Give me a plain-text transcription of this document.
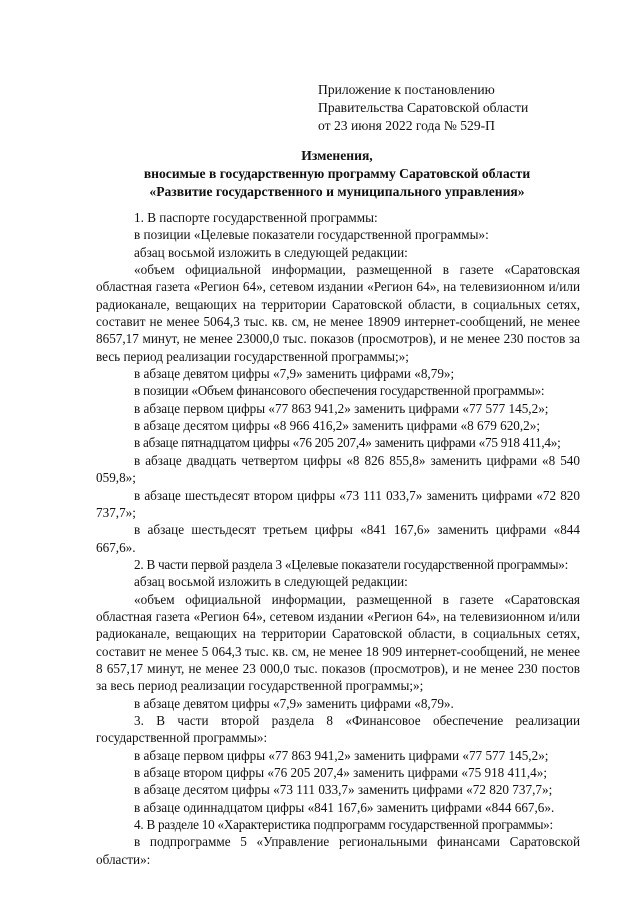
Приложение к постановлению
Правительства Саратовской области
от 23 июня 2022 года № 529-П
Изменения,
вносимые в государственную программу Саратовской области
«Развитие государственного и муниципального управления»

1. В паспорте государственной программы:

в позиции «Целевые показатели государственной программы»:

абзац восьмой изложить в следующей редакции:

«объем официальной информации, размещенной в газете «Саратовская областная газета «Регион 64», сетевом издании «Регион 64», на телевизионном и/или радиоканале, вещающих на территории Саратовской области, в социальных сетях, составит не менее 5064,3 тыс. кв. см, не менее 18909 интернет-сообщений, не менее 8657,17 минут, не менее 23000,0 тыс. показов (просмотров), и не менее 230 постов за весь период реализации государственной программы;»;

в абзаце девятом цифры «7,9» заменить цифрами «8,79»;

в позиции «Объем финансового обеспечения государственной программы»:

в абзаце первом цифры «77 863 941,2» заменить цифрами «77 577 145,2»;

в абзаце десятом цифры «8 966 416,2» заменить цифрами «8 679 620,2»;

в абзаце пятнадцатом цифры «76 205 207,4» заменить цифрами «75 918 411,4»;

в абзаце двадцать четвертом цифры «8 826 855,8» заменить цифрами «8 540 059,8»;

в абзаце шестьдесят втором цифры «73 111 033,7» заменить цифрами «72 820 737,7»;

в абзаце шестьдесят третьем цифры «841 167,6» заменить цифрами «844 667,6».

2. В части первой раздела 3 «Целевые показатели государственной программы»:

абзац восьмой изложить в следующей редакции:

«объем официальной информации, размещенной в газете «Саратовская областная газета «Регион 64», сетевом издании «Регион 64», на телевизионном и/или радиоканале, вещающих на территории Саратовской области, в социальных сетях, составит не менее 5 064,3 тыс. кв. см, не менее 18 909 интернет-сообщений, не менее 8 657,17 минут, не менее 23 000,0 тыс. показов (просмотров), и не менее 230 постов за весь период реализации государственной программы;»;

в абзаце девятом цифры «7,9» заменить цифрами «8,79».

3. В части второй раздела 8 «Финансовое обеспечение реализации государственной программы»:

в абзаце первом цифры «77 863 941,2» заменить цифрами «77 577 145,2»;

в абзаце втором цифры «76 205 207,4» заменить цифрами «75 918 411,4»;

в абзаце десятом цифры «73 111 033,7» заменить цифрами «72 820 737,7»;

в абзаце одиннадцатом цифры «841 167,6» заменить цифрами «844 667,6».

4. В разделе 10 «Характеристика подпрограмм государственной программы»:

в подпрограмме 5 «Управление региональными финансами Саратовской области»:
